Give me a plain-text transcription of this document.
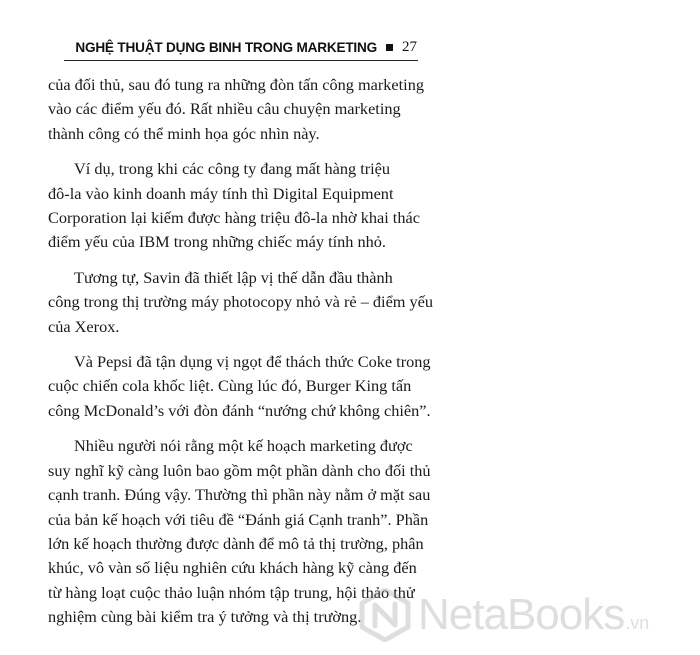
NGHỆ THUẬT DỤNG BINH TRONG MARKETING 27

của đối thủ, sau đó tung ra những đòn tấn công marketing
vào các điểm yếu đó. Rất nhiều câu chuyện marketing
thành công có thể minh họa góc nhìn này.

Ví dụ, trong khi các công ty đang mất hàng triệu
đô-la vào kinh doanh máy tính thì Digital Equipment
Corporation lại kiếm được hàng triệu đô-la nhờ khai thác
điểm yếu của IBM trong những chiếc máy tính nhỏ.

Tương tự, Savin đã thiết lập vị thế dẫn đầu thành
công trong thị trường máy photocopy nhỏ và rẻ – điểm yếu
của Xerox.

Và Pepsi đã tận dụng vị ngọt để thách thức Coke trong
cuộc chiến cola khốc liệt. Cùng lúc đó, Burger King tấn
công McDonald’s với đòn đánh “nướng chứ không chiên”.

Nhiều người nói rằng một kế hoạch marketing được
suy nghĩ kỹ càng luôn bao gồm một phần dành cho đối thủ
cạnh tranh. Đúng vậy. Thường thì phần này nằm ở mặt sau
của bản kế hoạch với tiêu đề “Đánh giá Cạnh tranh”. Phần
lớn kế hoạch thường được dành để mô tả thị trường, phân
khúc, vô vàn số liệu nghiên cứu khách hàng kỹ càng đến
từ hàng loạt cuộc thảo luận nhóm tập trung, hội thảo thử
nghiệm cùng bài kiểm tra ý tưởng và thị trường.	NetaBooks.vn
